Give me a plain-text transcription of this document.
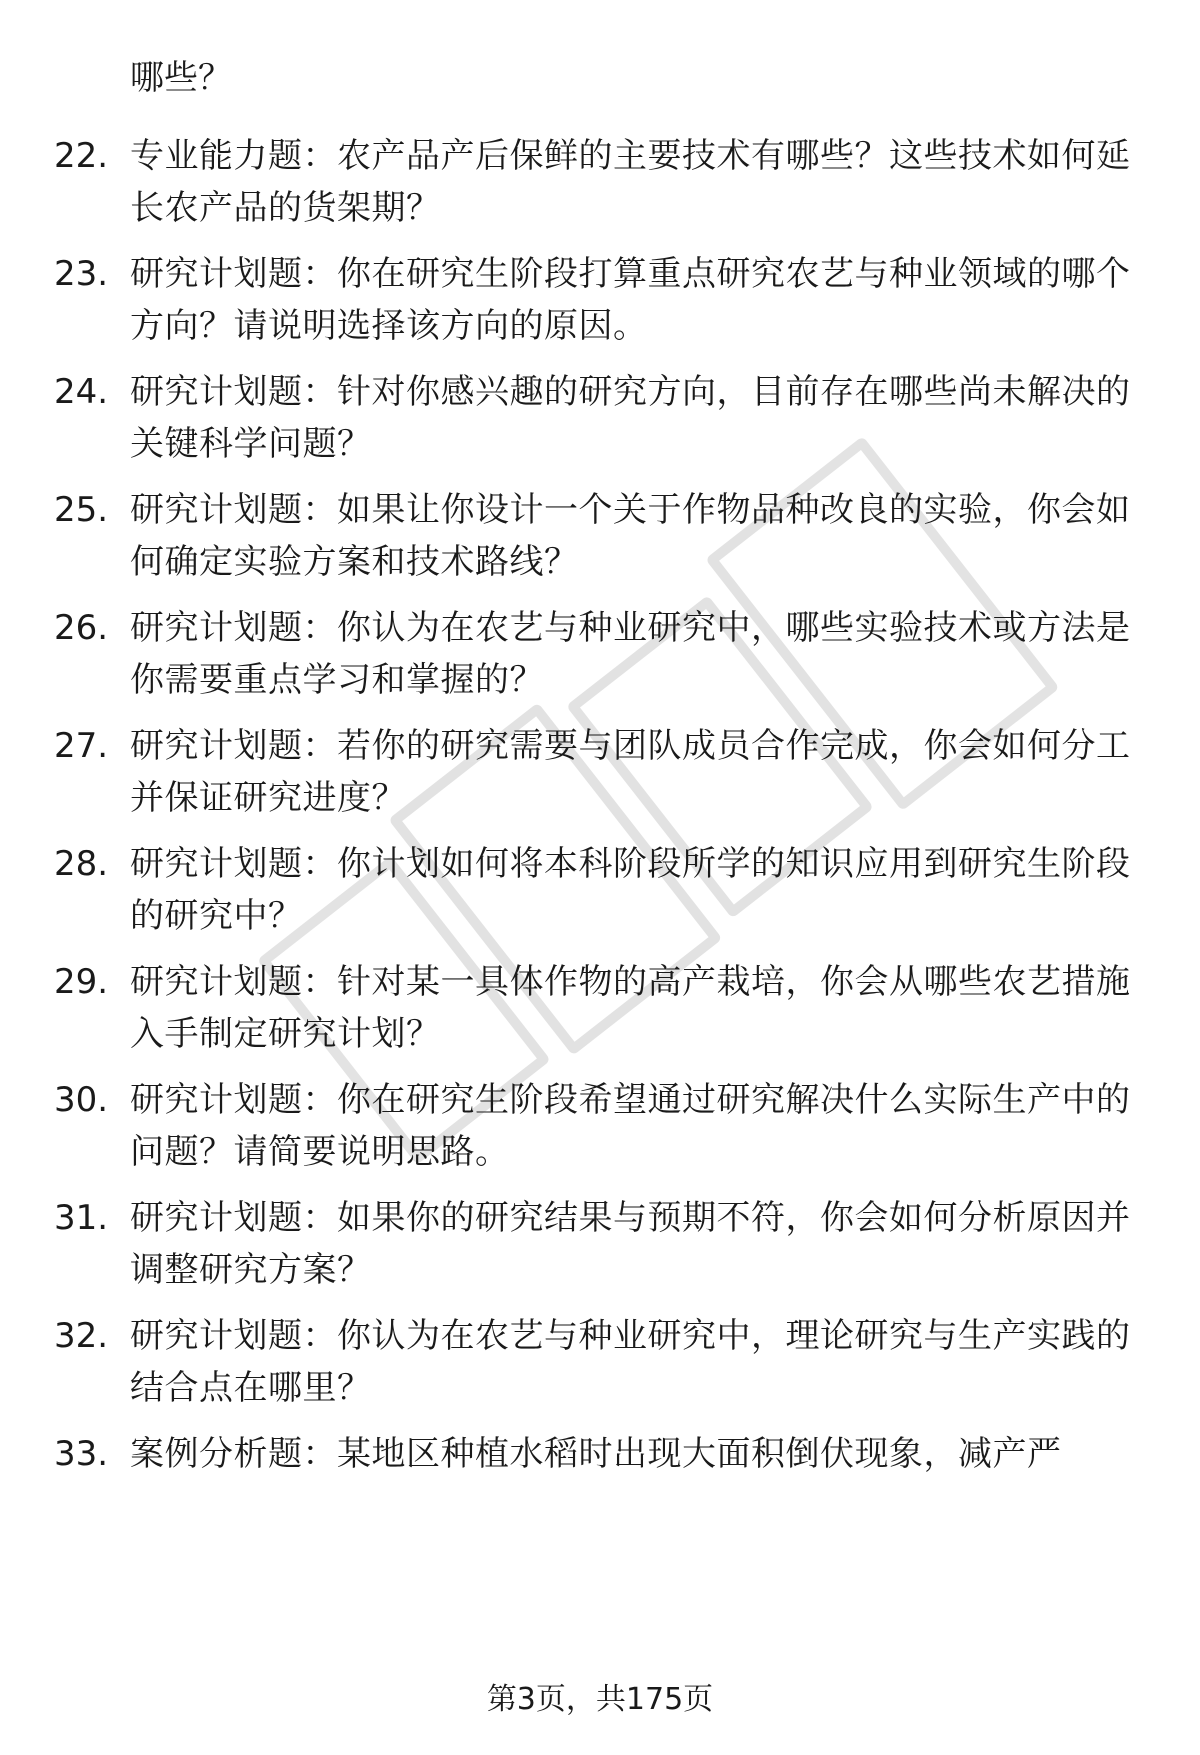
哪些？

22. 专业能力题：农产品产后保鲜的主要技术有哪些？这些技术如何延长农产品的货架期？
23. 研究计划题：你在研究生阶段打算重点研究农艺与种业领域的哪个方向？请说明选择该方向的原因。
24. 研究计划题：针对你感兴趣的研究方向，目前存在哪些尚未解决的关键科学问题？
25. 研究计划题：如果让你设计一个关于作物品种改良的实验，你会如何确定实验方案和技术路线？
26. 研究计划题：你认为在农艺与种业研究中，哪些实验技术或方法是你需要重点学习和掌握的？
27. 研究计划题：若你的研究需要与团队成员合作完成，你会如何分工并保证研究进度？
28. 研究计划题：你计划如何将本科阶段所学的知识应用到研究生阶段的研究中？
29. 研究计划题：针对某一具体作物的高产栽培，你会从哪些农艺措施入手制定研究计划？
30. 研究计划题：你在研究生阶段希望通过研究解决什么实际生产中的问题？请简要说明思路。
31. 研究计划题：如果你的研究结果与预期不符，你会如何分析原因并调整研究方案？
32. 研究计划题：你认为在农艺与种业研究中，理论研究与生产实践的结合点在哪里？
33. 案例分析题：某地区种植水稻时出现大面积倒伏现象，减产严
第3页，共175页
